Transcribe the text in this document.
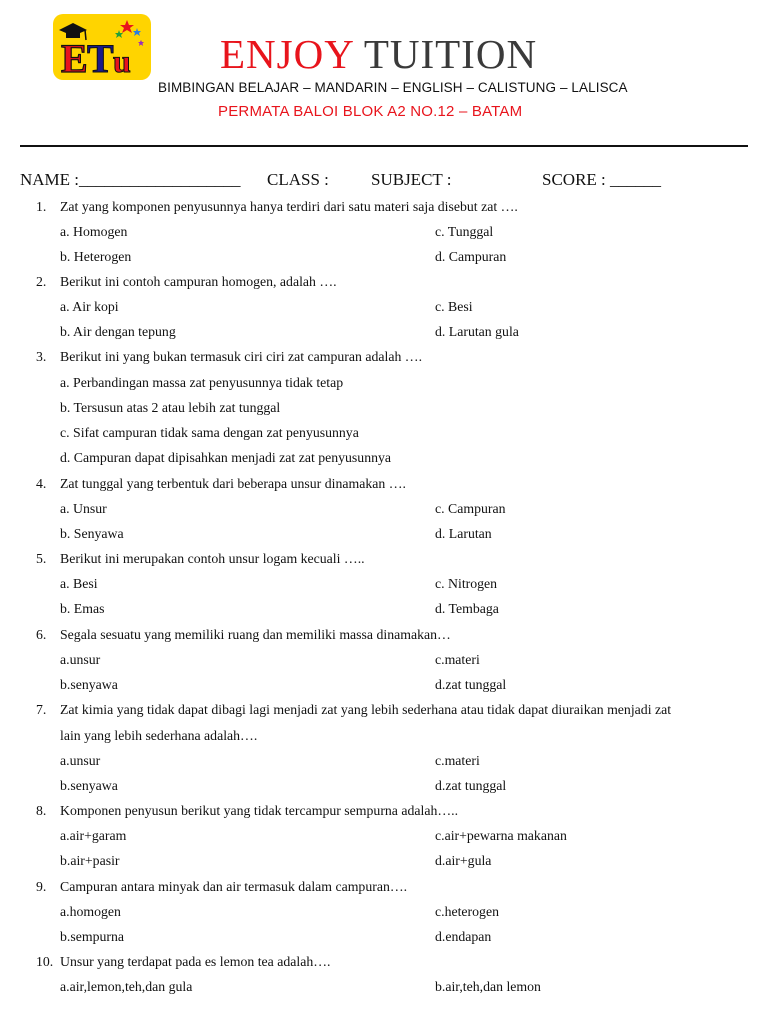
E T u	ENJOY TUITION
BIMBINGAN BELAJAR – MANDARIN – ENGLISH – CALISTUNG – LALISCA
PERMATA BALOI BLOK A2 NO.12 – BATAM
NAME :___________________ CLASS : SUBJECT :	SCORE : ______
1. Zat yang komponen penyusunnya hanya terdiri dari satu materi saja disebut zat ….
a. Homogen	c. Tunggal
b. Heterogen	d. Campuran
2. Berikut ini contoh campuran homogen, adalah ….
a. Air kopi	c. Besi
b. Air dengan tepung	d. Larutan gula
3. Berikut ini yang bukan termasuk ciri ciri zat campuran adalah ….
a. Perbandingan massa zat penyusunnya tidak tetap
b. Tersusun atas 2 atau lebih zat tunggal
c. Sifat campuran tidak sama dengan zat penyusunnya
d. Campuran dapat dipisahkan menjadi zat zat penyusunnya
4. Zat tunggal yang terbentuk dari beberapa unsur dinamakan ….
a. Unsur	c. Campuran
b. Senyawa	d. Larutan
5. Berikut ini merupakan contoh unsur logam kecuali …..
a. Besi	c. Nitrogen
b. Emas	d. Tembaga
6. Segala sesuatu yang memiliki ruang dan memiliki massa dinamakan…
a.unsur	c.materi
b.senyawa	d.zat tunggal
7. Zat kimia yang tidak dapat dibagi lagi menjadi zat yang lebih sederhana atau tidak dapat diuraikan menjadi zat
lain yang lebih sederhana adalah….
a.unsur	c.materi
b.senyawa	d.zat tunggal
8. Komponen penyusun berikut yang tidak tercampur sempurna adalah…..
a.air+garam	c.air+pewarna makanan
b.air+pasir	d.air+gula
9. Campuran antara minyak dan air termasuk dalam campuran….
a.homogen	c.heterogen
b.sempurna	d.endapan
10. Unsur yang terdapat pada es lemon tea adalah….
a.air,lemon,teh,dan gula	b.air,teh,dan lemon
